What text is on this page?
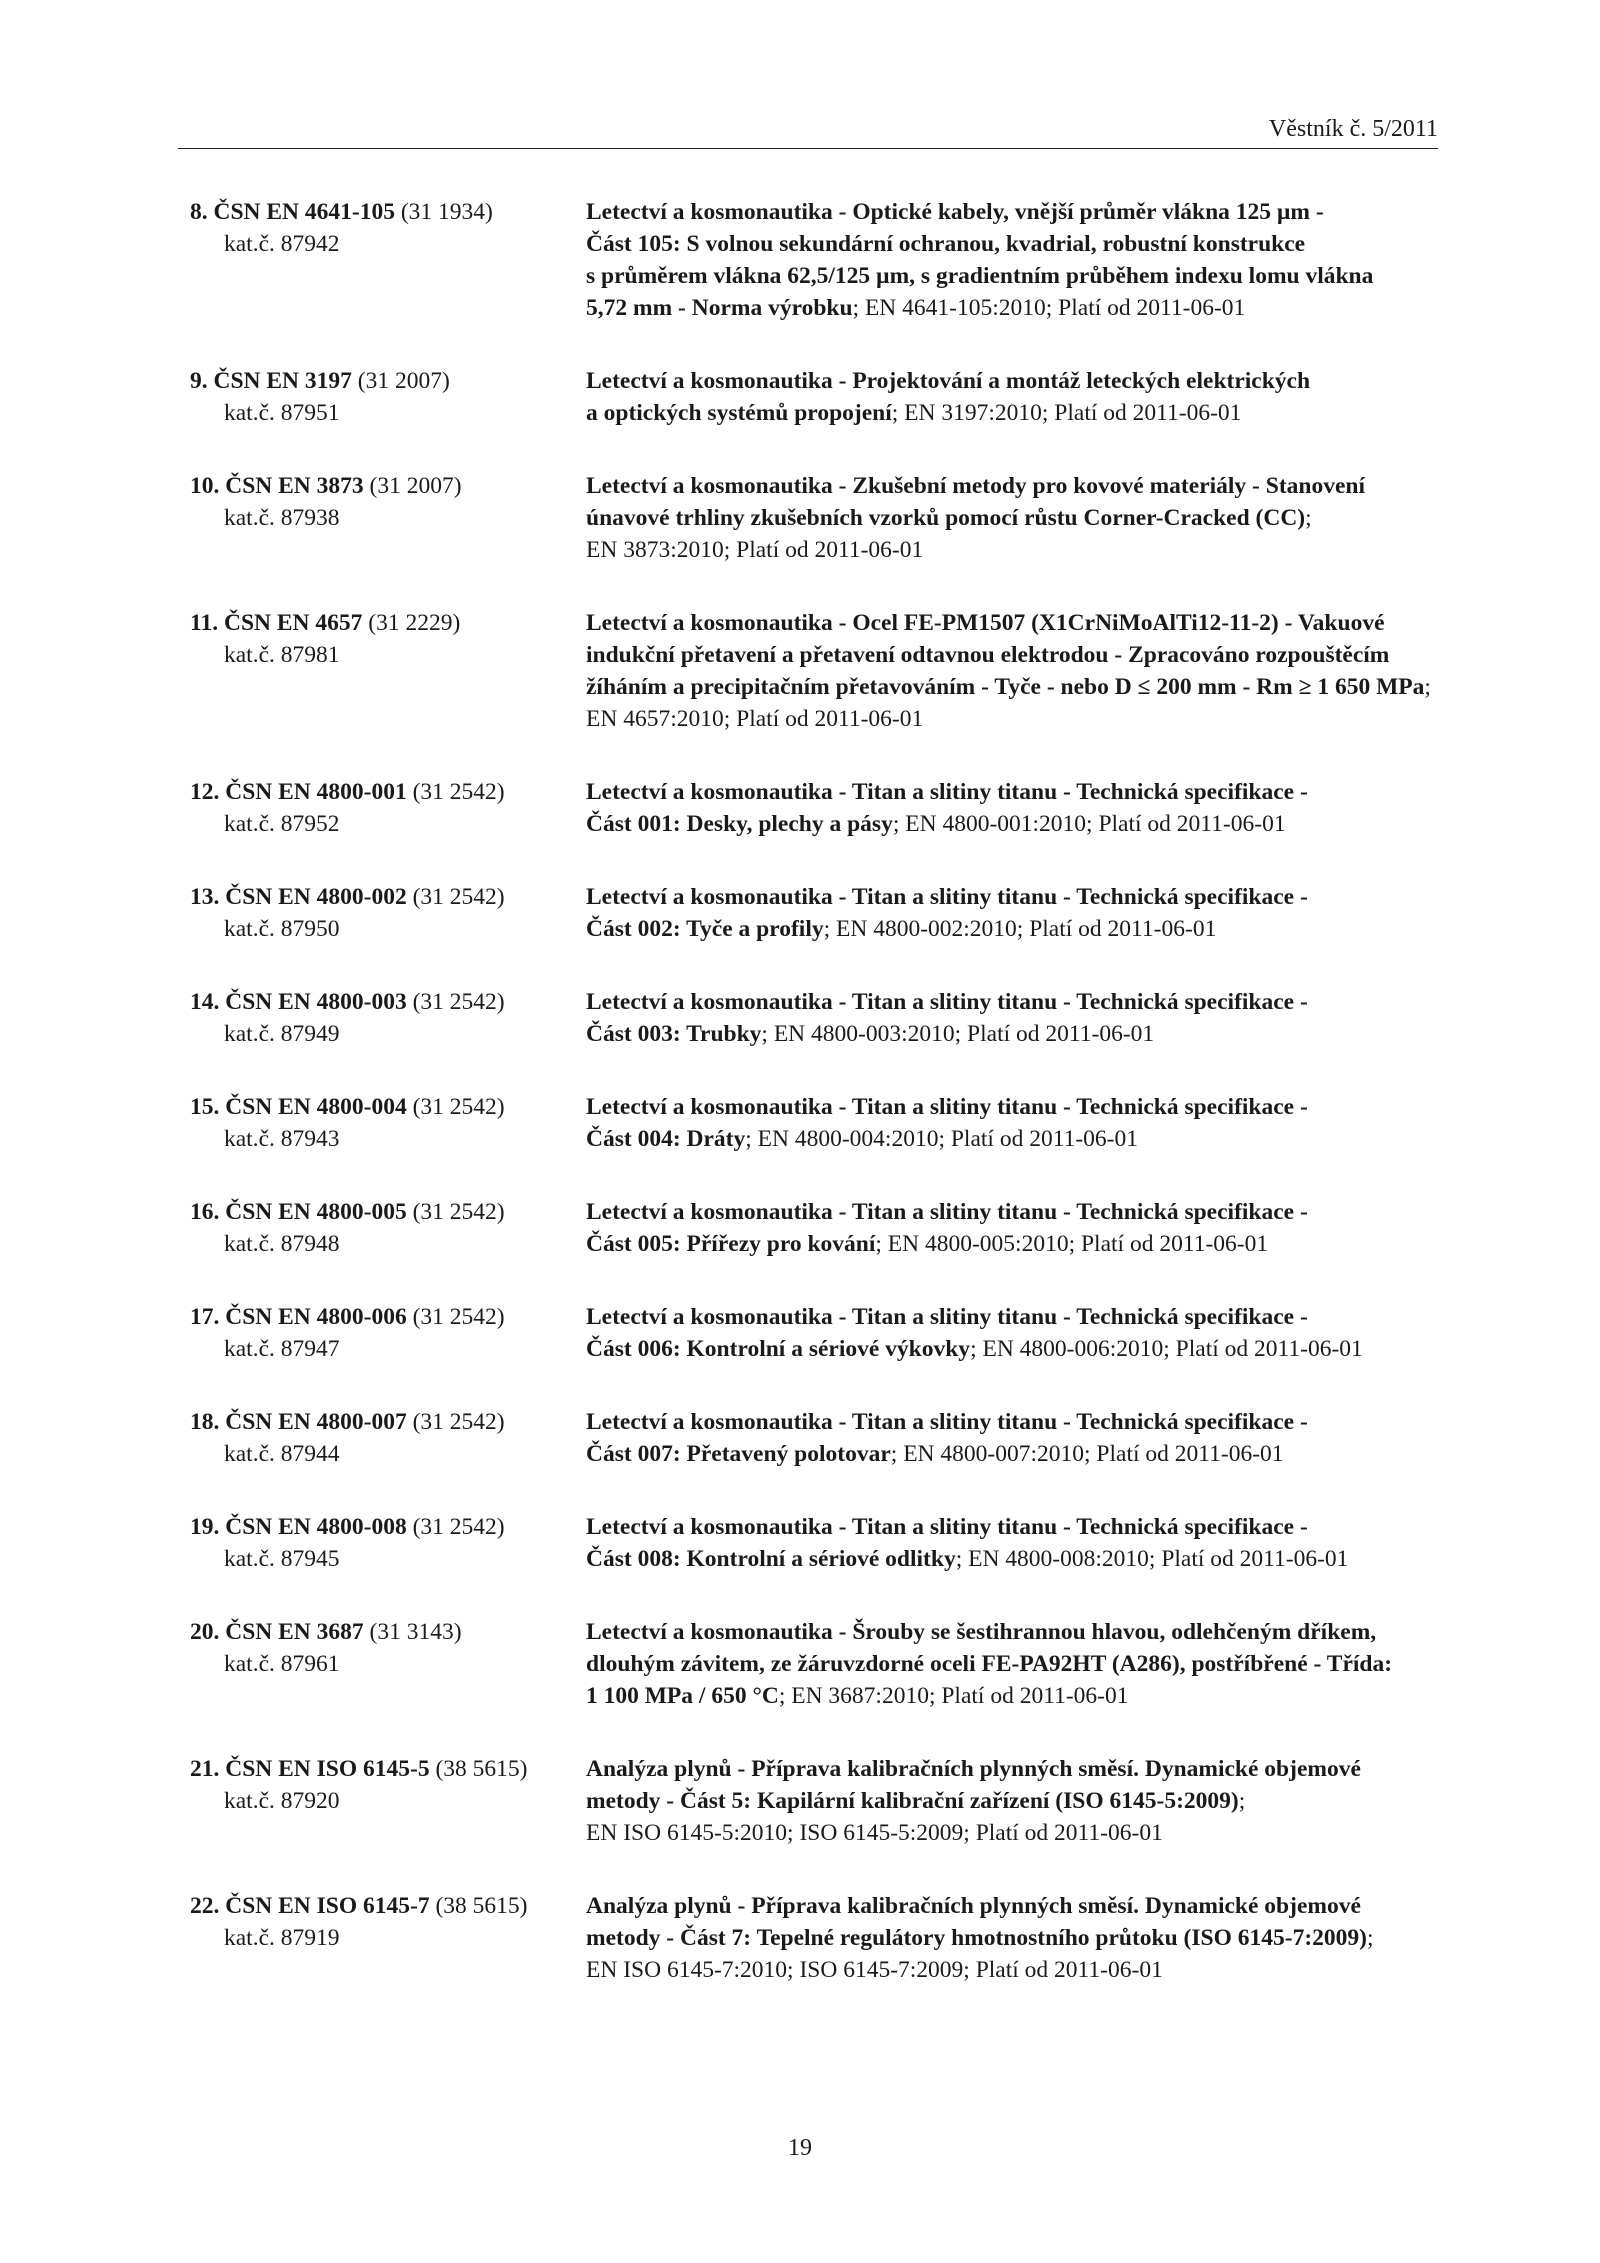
Věstník č. 5/2011
8. ČSN EN 4641-105 (31 1934)
kat.č. 87942
Letectví a kosmonautika - Optické kabely, vnější průměr vlákna 125 µm -
Část 105: S volnou sekundární ochranou, kvadrial, robustní konstrukce
s průměrem vlákna 62,5/125 µm, s gradientním průběhem indexu lomu vlákna
5,72 mm - Norma výrobku; EN 4641-105:2010; Platí od 2011-06-01
9. ČSN EN 3197 (31 2007)
kat.č. 87951
Letectví a kosmonautika - Projektování a montáž leteckých elektrických
a optických systémů propojení; EN 3197:2010; Platí od 2011-06-01
10. ČSN EN 3873 (31 2007)
kat.č. 87938
Letectví a kosmonautika - Zkušební metody pro kovové materiály - Stanovení
únavové trhliny zkušebních vzorků pomocí růstu Corner-Cracked (CC);
EN 3873:2010; Platí od 2011-06-01
11. ČSN EN 4657 (31 2229)
kat.č. 87981
Letectví a kosmonautika - Ocel FE-PM1507 (X1CrNiMoAlTi12-11-2) - Vakuové
indukční přetavení a přetavení odtavnou elektrodou - Zpracováno rozpouštěcím
žíháním a precipitačním přetavováním - Tyče - nebo D ≤ 200 mm - Rm ≥ 1 650 MPa;
EN 4657:2010; Platí od 2011-06-01
12. ČSN EN 4800-001 (31 2542)
kat.č. 87952
Letectví a kosmonautika - Titan a slitiny titanu - Technická specifikace -
Část 001: Desky, plechy a pásy; EN 4800-001:2010; Platí od 2011-06-01
13. ČSN EN 4800-002 (31 2542)
kat.č. 87950
Letectví a kosmonautika - Titan a slitiny titanu - Technická specifikace -
Část 002: Tyče a profily; EN 4800-002:2010; Platí od 2011-06-01
14. ČSN EN 4800-003 (31 2542)
kat.č. 87949
Letectví a kosmonautika - Titan a slitiny titanu - Technická specifikace -
Část 003: Trubky; EN 4800-003:2010; Platí od 2011-06-01
15. ČSN EN 4800-004 (31 2542)
kat.č. 87943
Letectví a kosmonautika - Titan a slitiny titanu - Technická specifikace -
Část 004: Dráty; EN 4800-004:2010; Platí od 2011-06-01
16. ČSN EN 4800-005 (31 2542)
kat.č. 87948
Letectví a kosmonautika - Titan a slitiny titanu - Technická specifikace -
Část 005: Přířezy pro kování; EN 4800-005:2010; Platí od 2011-06-01
17. ČSN EN 4800-006 (31 2542)
kat.č. 87947
Letectví a kosmonautika - Titan a slitiny titanu - Technická specifikace -
Část 006: Kontrolní a sériové výkovky; EN 4800-006:2010; Platí od 2011-06-01
18. ČSN EN 4800-007 (31 2542)
kat.č. 87944
Letectví a kosmonautika - Titan a slitiny titanu - Technická specifikace -
Část 007: Přetavený polotovar; EN 4800-007:2010; Platí od 2011-06-01
19. ČSN EN 4800-008 (31 2542)
kat.č. 87945
Letectví a kosmonautika - Titan a slitiny titanu - Technická specifikace -
Část 008: Kontrolní a sériové odlitky; EN 4800-008:2010; Platí od 2011-06-01
20. ČSN EN 3687 (31 3143)
kat.č. 87961
Letectví a kosmonautika - Šrouby se šestihrannou hlavou, odlehčeným dříkem,
dlouhým závitem, ze žáruvzdorné oceli FE-PA92HT (A286), postříbřené - Třída:
1 100 MPa / 650 °C; EN 3687:2010; Platí od 2011-06-01
21. ČSN EN ISO 6145-5 (38 5615)
kat.č. 87920
Analýza plynů - Příprava kalibračních plynných směsí. Dynamické objemové
metody - Část 5: Kapilární kalibrační zařízení (ISO 6145-5:2009);
EN ISO 6145-5:2010; ISO 6145-5:2009; Platí od 2011-06-01
22. ČSN EN ISO 6145-7 (38 5615)
kat.č. 87919
Analýza plynů - Příprava kalibračních plynných směsí. Dynamické objemové
metody - Část 7: Tepelné regulátory hmotnostního průtoku (ISO 6145-7:2009);
EN ISO 6145-7:2010; ISO 6145-7:2009; Platí od 2011-06-01
19
